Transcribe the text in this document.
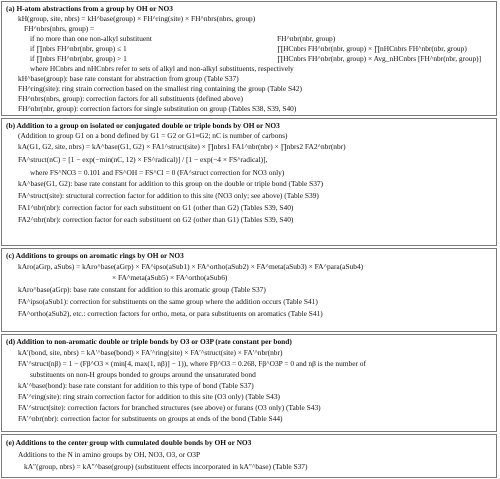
(a) H-atom abstractions from a group by OH or NO3
kH(group, site, nbrs) = kH^base(group) × FH^ring(site) × FH^nbrs(nbrs, group)
FH^nbrs(nbrs, group) =
if no more than one non-alkyl substituent	FH^nbr(nbr, group)
if ∏nbrs FH^nbr(nbr, group) ≤ 1	∏HCnbrs FH^nbr(nbr, group) × ∏nHCnbrs FH^nbr(nbr, group)
if ∏nbrs FH^nbr(nbr, group) > 1	∏HCnbrs FH^nbr(nbr, group) × Avg_nHCnbrs [FH^nbr(nbr, group)]
where HCnbrs and nHCnbrs refer to sets of alkyl and non-alkyl substituents, respectively
kH^base(group): base rate constant for abstraction from group (Table S37)
FH^ring(site): ring strain correction based on the smallest ring containing the group (Table S42)
FH^nbrs(nbrs, group): correction factors for all substituents (defined above)
FH^nbr(nbr, group): correction factors for single substitution on group (Tables S38, S39, S40)
(b) Addition to a group on isolated or conjugated double or triple bonds by OH or NO3
(Addition to group G1 on a bond defined by G1 = G2 or G1≡G2; nC is number of carbons)
kA(G1, G2, site, nbrs) = kA^base(G1, G2) × FA1^struct(site) × ∏nbrs1 FA1^nbr(nbr) × ∏nbrs2 FA2^nbr(nbr)
FA^struct(nC) = [1 − exp(−min(nC, 12) × FS^radical)] / [1 − exp(−4 × FS^radical)],
where FS^NO3 = 0.101 and FS^OH = FS^Cl = 0 (FA^struct correction for NO3 only)
kA^base(G1, G2): base rate constant for addition to this group on the double or triple bond (Table S37)
FA^struct(site): structural correction factor for addition to this site (NO3 only; see above) (Table S39)
FA1^nbr(nbr): correction factor for each substituent on G1 (other than G2) (Tables S39, S40)
FA2^nbr(nbr): correction factor for each substituent on G2 (other than G1) (Tables S39, S40)
(c) Additions to groups on aromatic rings by OH or NO3
kAro(aGrp, aSubs) = kAro^base(aGrp) × FA^ipso(aSub1) × FA^ortho(aSub2) × FA^meta(aSub3) × FA^para(aSub4)
× FA^meta(aSub5) × FA^ortho(aSub6)
kAro^base(aGrp): base rate constant for addition to this aromatic group (Table S37)
FA^ipso(aSub1): correction for substituents on the same group where the addition occurs (Table S41)
FA^ortho(aSub2), etc.: correction factors for ortho, meta, or para substituents on aromatics (Table S41)
(d) Addition to non-aromatic double or triple bonds by O3 or O3P (rate constant per bond)
kA′(bond, site, nbrs) = kA′^base(bond) × FA′^ring(site) × FA′^struct(site) × FA′^nbr(nbr)
FA′^struct(nβ) = 1 − (Fβ^O3 × (min[4, max(1, nβ)] − 1)), where Fβ^O3 = 0.268, Fβ^O3P = 0 and nβ is the number of
substituents on non-H groups bonded to groups around the unsaturated bond
kA′^base(bond): base rate constant for addition to this type of bond (Table S37)
FA′^ring(site): ring strain correction factor for addition to this site (O3 only) (Table S43)
FA′^struct(site): correction factors for branched structures (see above) or furans (O3 only) (Table S43)
FA′^nbr(nbr): correction factor for substituents on groups at ends of the bond (Table S44)
(e) Additions to the center group with cumulated double bonds by OH or NO3
Additions to the N in amino groups by OH, NO3, O3, or O3P
kA″(group, nbrs) = kA″^base(group) (substituent effects incorporated in kA″^base) (Table S37)
